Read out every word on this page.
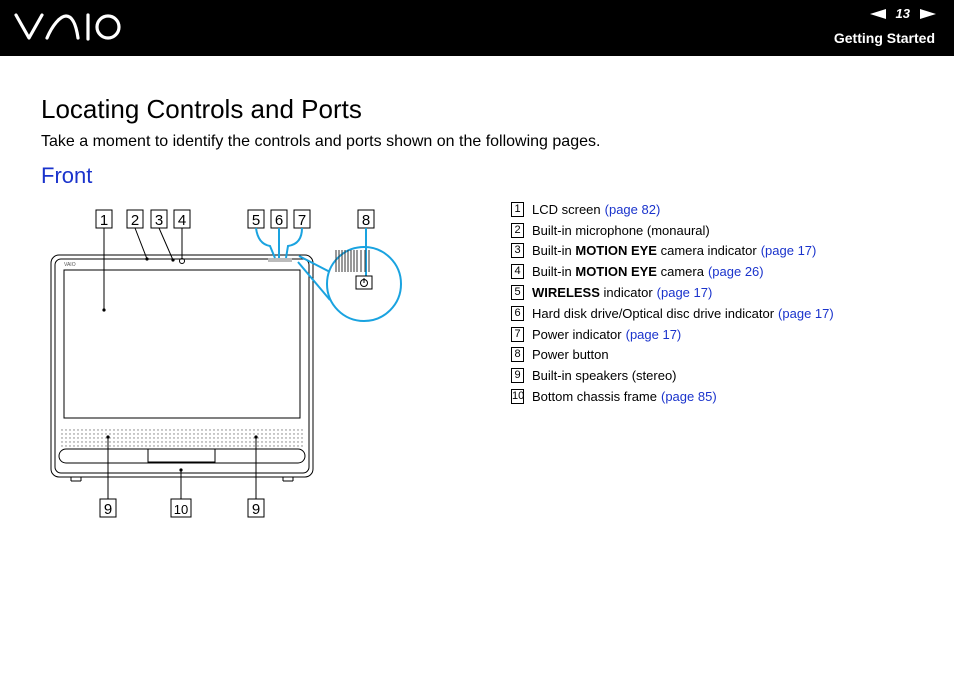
13
Getting Started
Locating Controls and Ports

Take a moment to identify the controls and ports shown on the following pages.

Front
1 2 3 4	5 6 7	8
9	10	9
VAIO
1 LCD screen (page 82)
2 Built-in microphone (monaural)
3 Built-in MOTION EYE camera indicator (page 17)
4 Built-in MOTION EYE camera (page 26)
5 WIRELESS indicator (page 17)
6 Hard disk drive/Optical disc drive indicator (page 17)
7 Power indicator (page 17)
8 Power button
9 Built-in speakers (stereo)
10 Bottom chassis frame (page 85)
